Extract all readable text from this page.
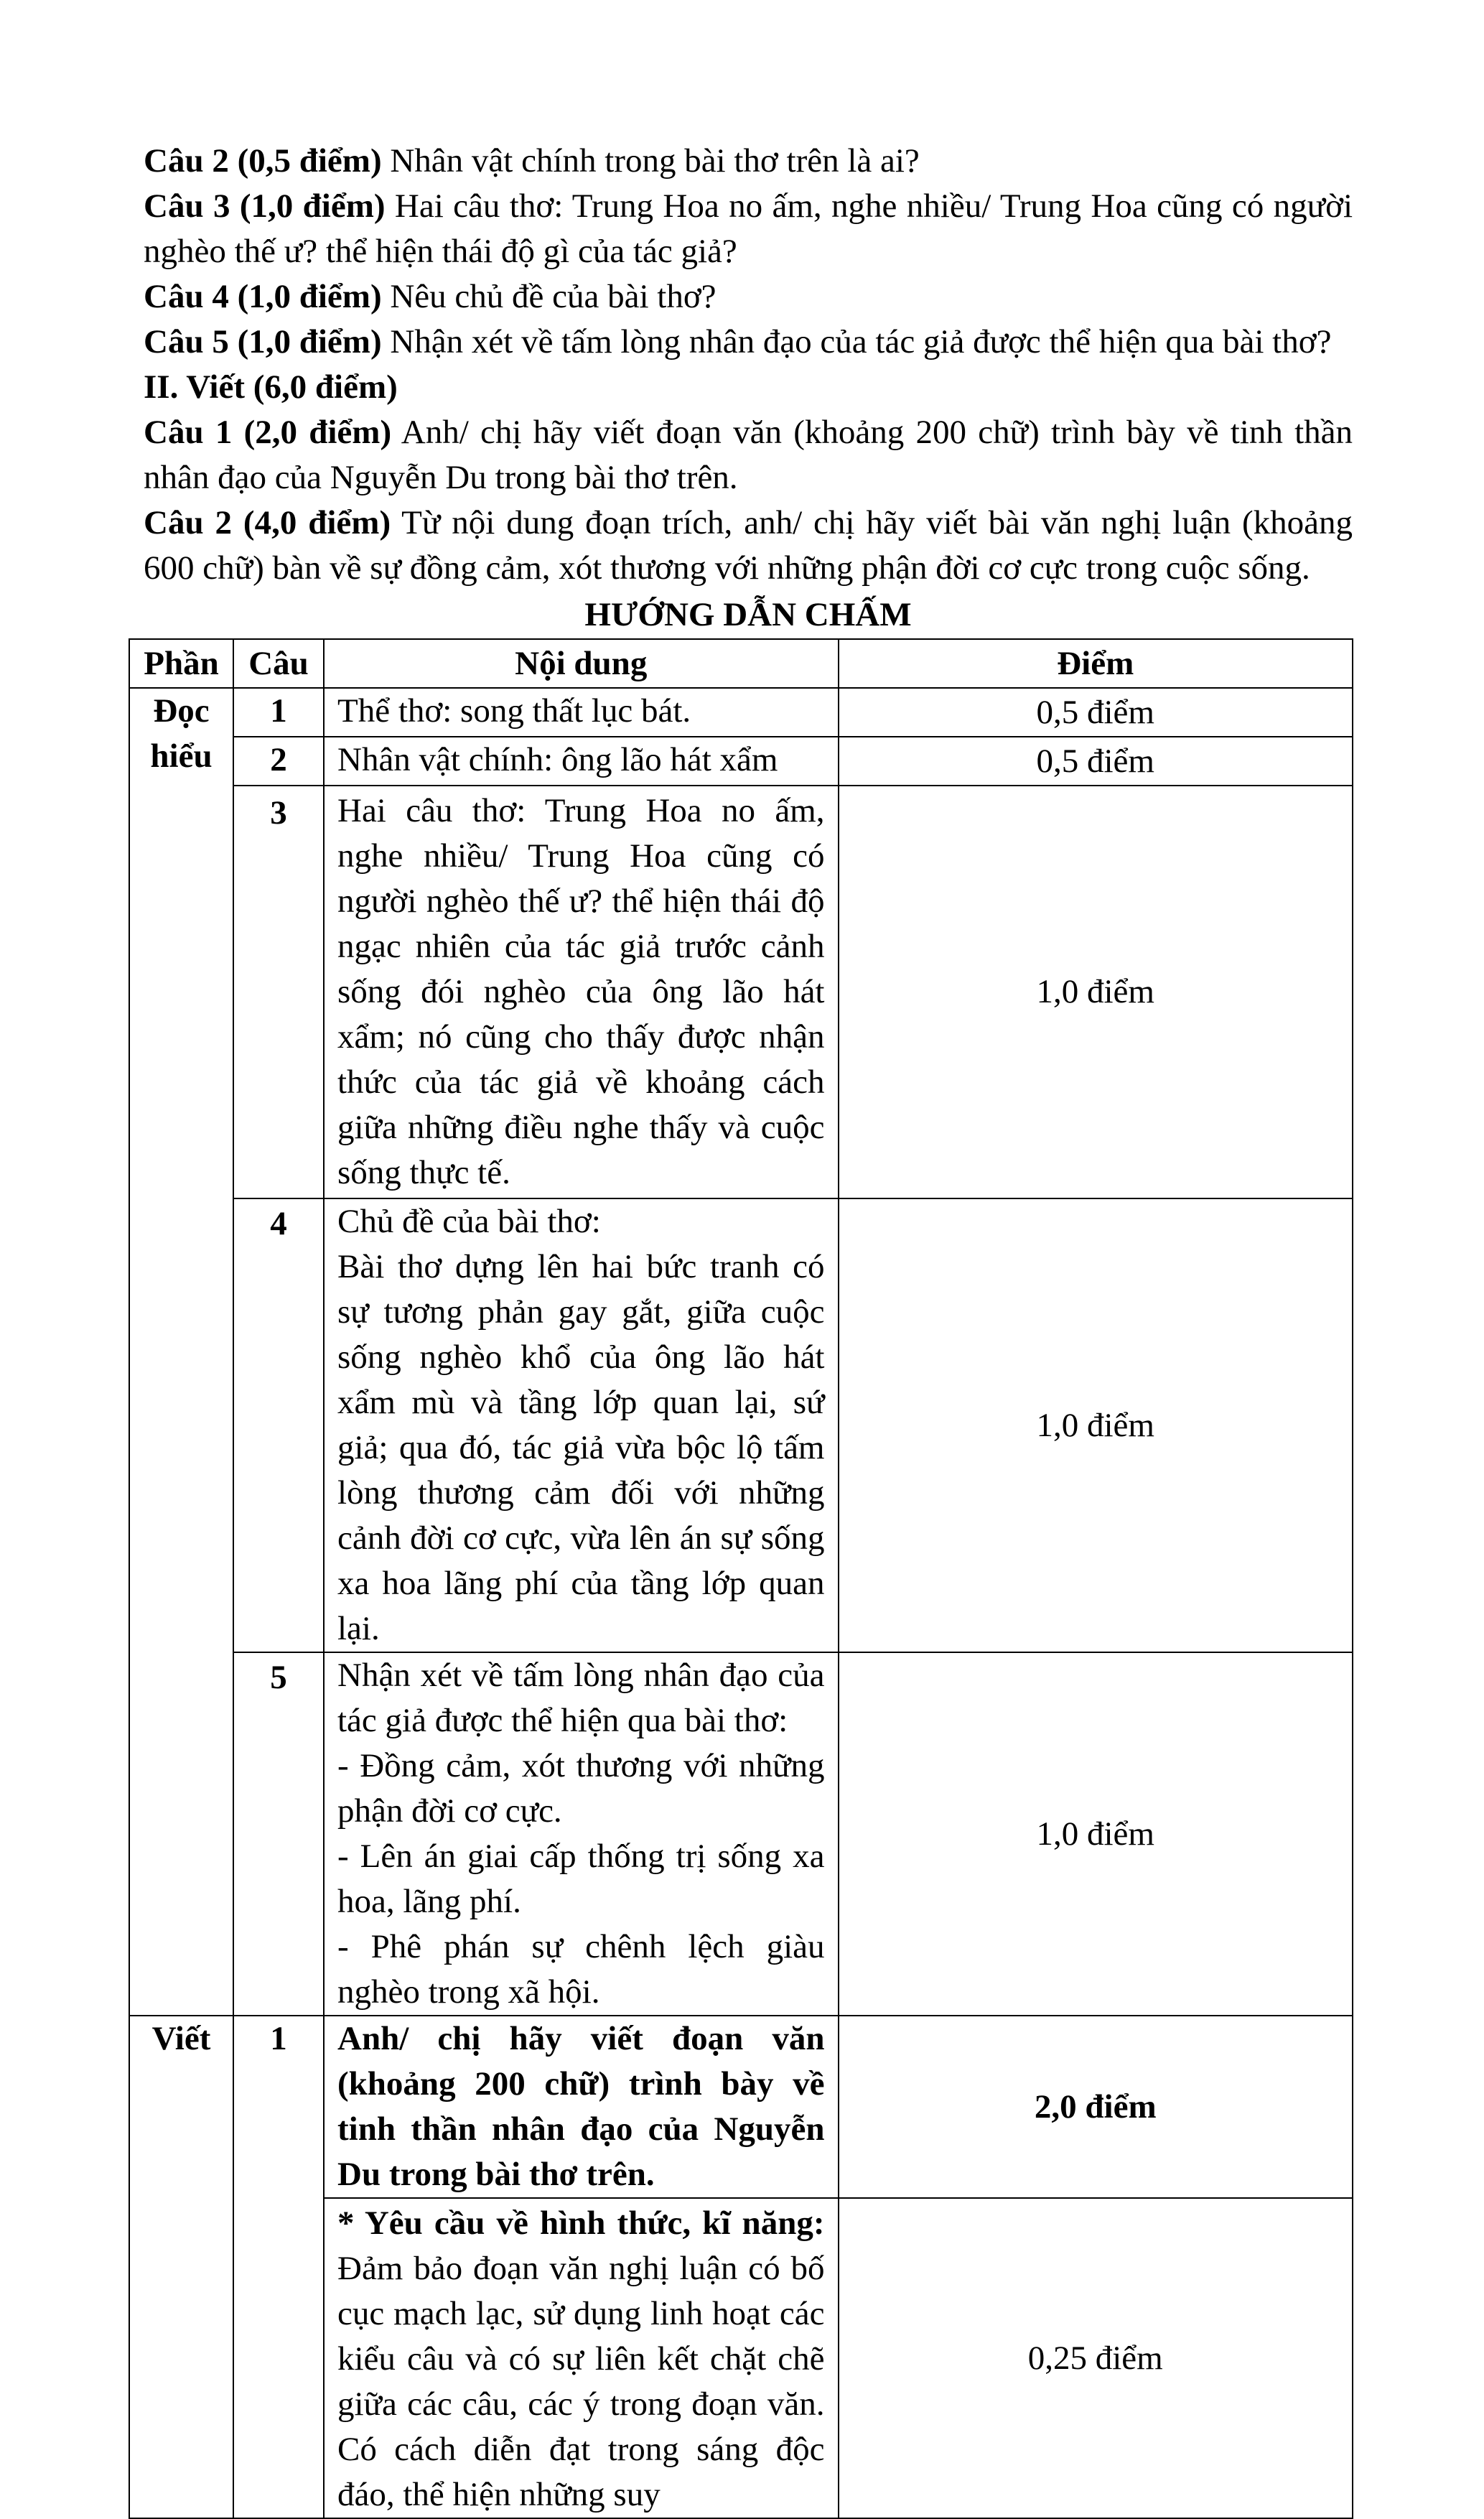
Câu 2 (0,5 điểm) Nhân vật chính trong bài thơ trên là ai?

Câu 3 (1,0 điểm) Hai câu thơ: Trung Hoa no ấm, nghe nhiều/ Trung Hoa cũng có người nghèo thế ư? thể hiện thái độ gì của tác giả?

Câu 4 (1,0 điểm) Nêu chủ đề của bài thơ?

Câu 5 (1,0 điểm) Nhận xét về tấm lòng nhân đạo của tác giả được thể hiện qua bài thơ?

II. Viết (6,0 điểm)

Câu 1 (2,0 điểm) Anh/ chị hãy viết đoạn văn (khoảng 200 chữ) trình bày về tinh thần nhân đạo của Nguyễn Du trong bài thơ trên.

Câu 2 (4,0 điểm) Từ nội dung đoạn trích, anh/ chị hãy viết bài văn nghị luận (khoảng 600 chữ) bàn về sự đồng cảm, xót thương với những phận đời cơ cực trong cuộc sống.

HƯỚNG DẪN CHẤM

Phần	Câu	Nội dung	Điểm
Đọc hiểu	1	Thể thơ: song thất lục bát.	0,5 điểm
	2	Nhân vật chính: ông lão hát xẩm	0,5 điểm
	3	Hai câu thơ: Trung Hoa no ấm, nghe nhiều/ Trung Hoa cũng có người nghèo thế ư? thể hiện thái độ ngạc nhiên của tác giả trước cảnh sống đói nghèo của ông lão hát xẩm; nó cũng cho thấy được nhận thức của tác giả về khoảng cách giữa những điều nghe thấy và cuộc sống thực tế.	1,0 điểm
	4	Chủ đề của bài thơ:
Bài thơ dựng lên hai bức tranh có sự tương phản gay gắt, giữa cuộc sống nghèo khổ của ông lão hát xẩm mù và tầng lớp quan lại, sứ giả; qua đó, tác giả vừa bộc lộ tấm lòng thương cảm đối với những cảnh đời cơ cực, vừa lên án sự sống xa hoa lãng phí của tầng lớp quan lại.	1,0 điểm
	5	Nhận xét về tấm lòng nhân đạo của tác giả được thể hiện qua bài thơ:
- Đồng cảm, xót thương với những phận đời cơ cực.
- Lên án giai cấp thống trị sống xa hoa, lãng phí.
- Phê phán sự chênh lệch giàu nghèo trong xã hội.	1,0 điểm
Viết	1	Anh/ chị hãy viết đoạn văn (khoảng 200 chữ) trình bày về tinh thần nhân đạo của Nguyễn Du trong bài thơ trên.	2,0 điểm
		* Yêu cầu về hình thức, kĩ năng: Đảm bảo đoạn văn nghị luận có bố cục mạch lạc, sử dụng linh hoạt các kiểu câu và có sự liên kết chặt chẽ giữa các câu, các ý trong đoạn văn. Có cách diễn đạt trong sáng độc đáo, thể hiện những suy	0,25 điểm
